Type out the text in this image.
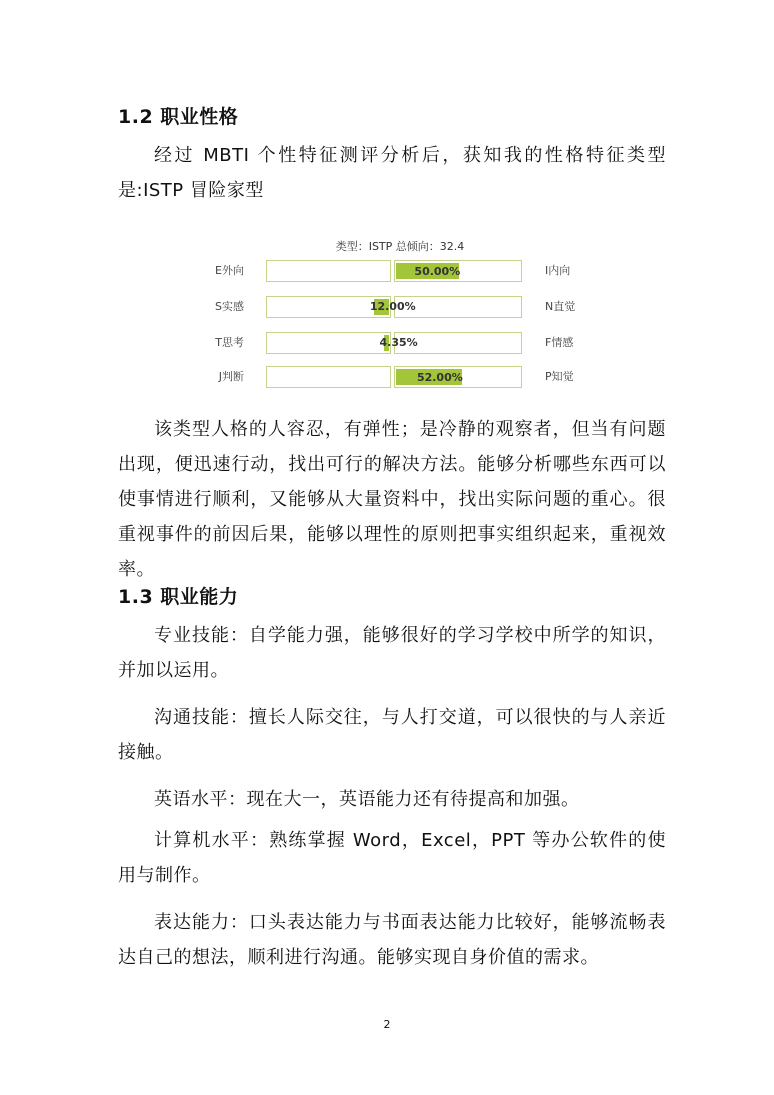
1.2 职业性格
经过 MBTI 个性特征测评分析后，获知我的性格特征类型是:ISTP 冒险家型
类型：ISTP 总倾向：32.4
E外向	50.00%	I内向
S实感	12.00%	N直觉
T思考	4.35%	F情感
J判断	52.00%	P知觉
该类型人格的人容忍，有弹性；是冷静的观察者，但当有问题出现，便迅速行动，找出可行的解决方法。能够分析哪些东西可以使事情进行顺利，又能够从大量资料中，找出实际问题的重心。很重视事件的前因后果，能够以理性的原则把事实组织起来，重视效率。
1.3 职业能力
专业技能：自学能力强，能够很好的学习学校中所学的知识，并加以运用。
沟通技能：擅长人际交往，与人打交道，可以很快的与人亲近接触。
英语水平：现在大一，英语能力还有待提高和加强。
计算机水平：熟练掌握 Word，Excel，PPT 等办公软件的使用与制作。
表达能力：口头表达能力与书面表达能力比较好，能够流畅表达自己的想法，顺利进行沟通。能够实现自身价值的需求。
2
